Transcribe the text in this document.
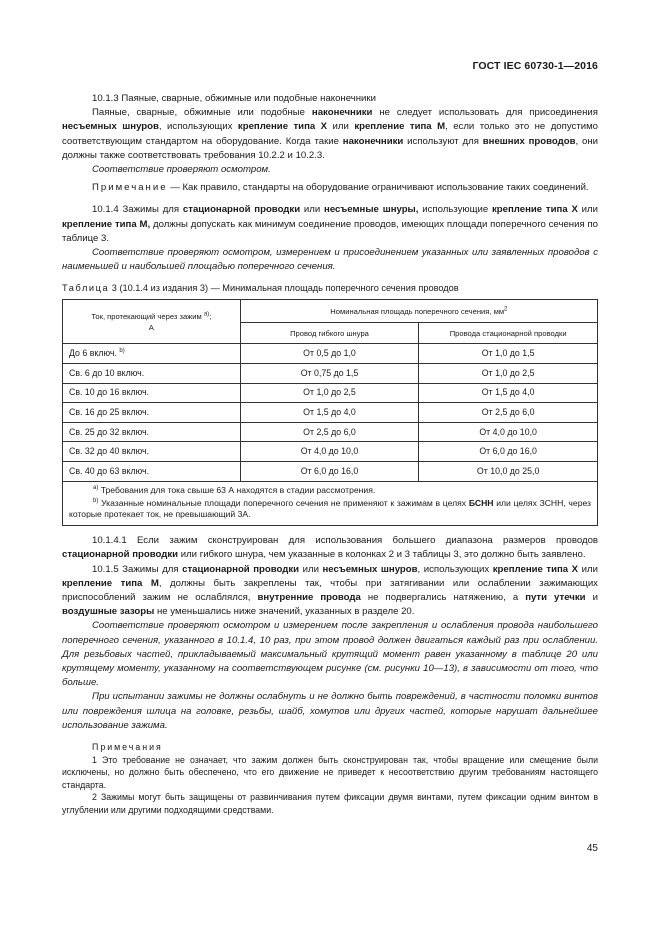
ГОСТ IEC 60730-1—2016

10.1.3 Паяные, сварные, обжимные или подобные наконечники

Паяные, сварные, обжимные или подобные наконечники не следует использовать для присоединения несъемных шнуров, использующих крепление типа X или крепление типа M, если только это не допустимо соответствующим стандартом на оборудование. Когда такие наконечники используют для внешних проводов, они должны также соответствовать требования 10.2.2 и 10.2.3.

Соответствие проверяют осмотром.

Примечание — Как правило, стандарты на оборудование ограничивают использование таких соединений.

10.1.4 Зажимы для стационарной проводки или несъемные шнуры, использующие крепление типа X или крепление типа M, должны допускать как минимум соединение проводов, имеющих площади поперечного сечения по таблице 3.

Соответствие проверяют осмотром, измерением и присоединением указанных или заявленных проводов с наименьшей и наибольшей площадью поперечного сечения.

Таблица 3 (10.1.4 из издания 3) — Минимальная площадь поперечного сечения проводов

Ток, протекающий через зажим $^{a)}$;
А	Номинальная площадь поперечного сечения, $мм^2$
	Провод гибкого шнура	Провода стационарной проводки
До 6 включ. $^{b)}$	От 0,5 до 1,0	От 1,0 до 1,5
Св. 6 до 10 включ.	От 0,75 до 1,5	От 1,0 до 2,5
Св. 10 до 16 включ.	От 1,0 до 2,5	От 1,5 до 4,0
Св. 16 до 25 включ.	От 1,5 до 4,0	От 2,5 до 6,0
Св. 25 до 32 включ.	От 2,5 до 6,0	От 4,0 до 10,0
Св. 32 до 40 включ.	От 4,0 до 10,0	От 6,0 до 16,0
Св. 40 до 63 включ.	От 6,0 до 16,0	От 10,0 до 25,0

$^{a)}$ Требования для тока свыше 63 А находятся в стадии рассмотрения.

$^{b)}$ Указанные номинальные площади поперечного сечения не применяют к зажимам в целях БСНН или целях ЗСНН, через которые протекает ток, не превышающий 3А.		

10.1.4.1 Если зажим сконструирован для использования большего диапазона размеров проводов стационарной проводки или гибкого шнура, чем указанные в колонках 2 и 3 таблицы 3, это должно быть заявлено.

10.1.5 Зажимы для стационарной проводки или несъемных шнуров, использующих крепление типа X или крепление типа M, должны быть закреплены так, чтобы при затягивании или ослаблении зажимающих приспособлений зажим не ослаблялся, внутренние провода не подвергались натяжению, а пути утечки и воздушные зазоры не уменьшались ниже значений, указанных в разделе 20.

Соответствие проверяют осмотром и измерением после закрепления и ослабления провода наибольшего поперечного сечения, указанного в 10.1.4, 10 раз, при этом провод должен двигаться каждый раз при ослаблении. Для резьбовых частей, прикладываемый максимальный крутящий момент равен указанному в таблице 20 или крутящему моменту, указанному на соответствующем рисунке (см. рисунки 10—13), в зависимости от того, что больше.

При испытании зажимы не должны ослабнуть и не должно быть повреждений, в частности поломки винтов или повреждения шлица на головке, резьбы, шайб, хомутов или других частей, которые нарушат дальнейшее использование зажима.

Примечания

1 Это требование не означает, что зажим должен быть сконструирован так, чтобы вращение или смещение были исключены, но должно быть обеспечено, что его движение не приведет к несоответствию другим требованиям настоящего стандарта.

2 Зажимы могут быть защищены от развинчивания путем фиксации двумя винтами, путем фиксации одним винтом в углублении или другими подходящими средствами.

45
